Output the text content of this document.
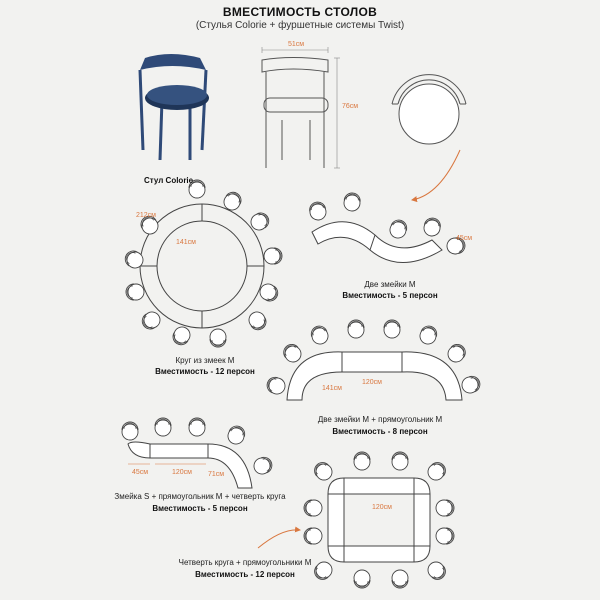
ВМЕСТИМОСТЬ СТОЛОВ
(Стулья Colorie + фуршетные системы Twist)
51см
76см
212см
141см
45см
141см
120см
45см	120см 71см
120см
Стул Colorie
Круг из змеек M
Вместимость - 12 персон
Две змейки M
Вместимость - 5 персон
Две змейки M + прямоугольник M
Вместимость - 8 персон
Змейка S + прямоугольник M + четверть круга
Вместимость - 5 персон
Четверть круга + прямоугольники M
Вместимость - 12 персон
